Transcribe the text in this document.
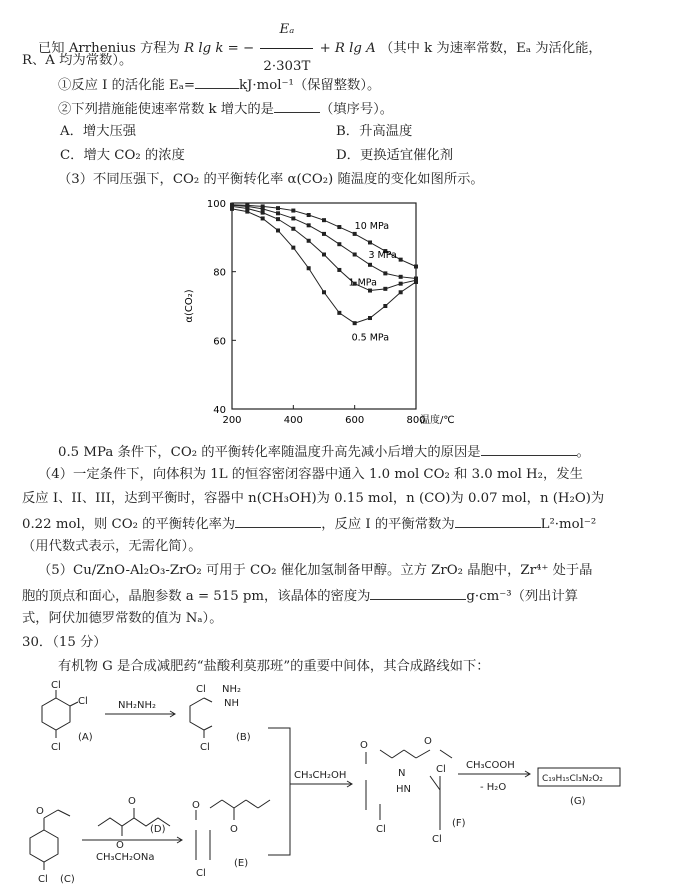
已知 Arrhenius 方程为 R lg k = − $\frac{\text{Eₐ}}{2\cdot 303T} + R$ lg A （其中 k 为速率常数，Eₐ 为活化能，
R、A 均为常数）。
①反应 I 的活化能 Eₐ=	kJ·mol⁻¹（保留整数）。
②下列措施能使速率常数 k 增大的是	（填序号）。
A．增大压强	B．升高温度
C．增大 CO₂ 的浓度	D．更换适宜催化剂
（3）不同压强下，CO₂ 的平衡转化率 α(CO₂) 随温度的变化如图所示。
200	400	600	800
40
60
80
100
温度/℃
α(CO₂)
10 MPa
3 MPa
1 MPa
0.5 MPa
0.5 MPa 条件下，CO₂ 的平衡转化率随温度升高先减小后增大的原因是	。
（4）一定条件下，向体积为 1L 的恒容密闭容器中通入 1.0 mol CO₂ 和 3.0 mol H₂，发生
反应 I、II、III，达到平衡时，容器中 n(CH₃OH)为 0.15 mol，n (CO)为 0.07 mol，n (H₂O)为
0.22 mol，则 CO₂ 的平衡转化率为	，反应 I 的平衡常数为	L²·mol⁻²
（用代数式表示，无需化简）。
（5）Cu/ZnO-Al₂O₃-ZrO₂ 可用于 CO₂ 催化加氢制备甲醇。立方 ZrO₂ 晶胞中，Zr⁴⁺ 处于晶
胞的顶点和面心，晶胞参数 a = 515 pm，该晶体的密度为	g·cm⁻³（列出计算
式，阿伏加德罗常数的值为 Nₐ）。
30．（15 分）
有机物 G 是合成减肥药“盐酸利莫那班”的重要中间体，其合成路线如下：
Cl
Cl
Cl
(A)
NH₂NH₂
Cl NH₂
NH
Cl
(B)
CH₃CH₂OH
O	O
N
HN
Cl
Cl
Cl
(F)
CH₃COOH
- H₂O
C₁₉H₁₅Cl₃N₂O₂
(G)
O
Cl (C)
O
O
(D)
CH₃CH₂ONa
O
O
Cl
(E)
